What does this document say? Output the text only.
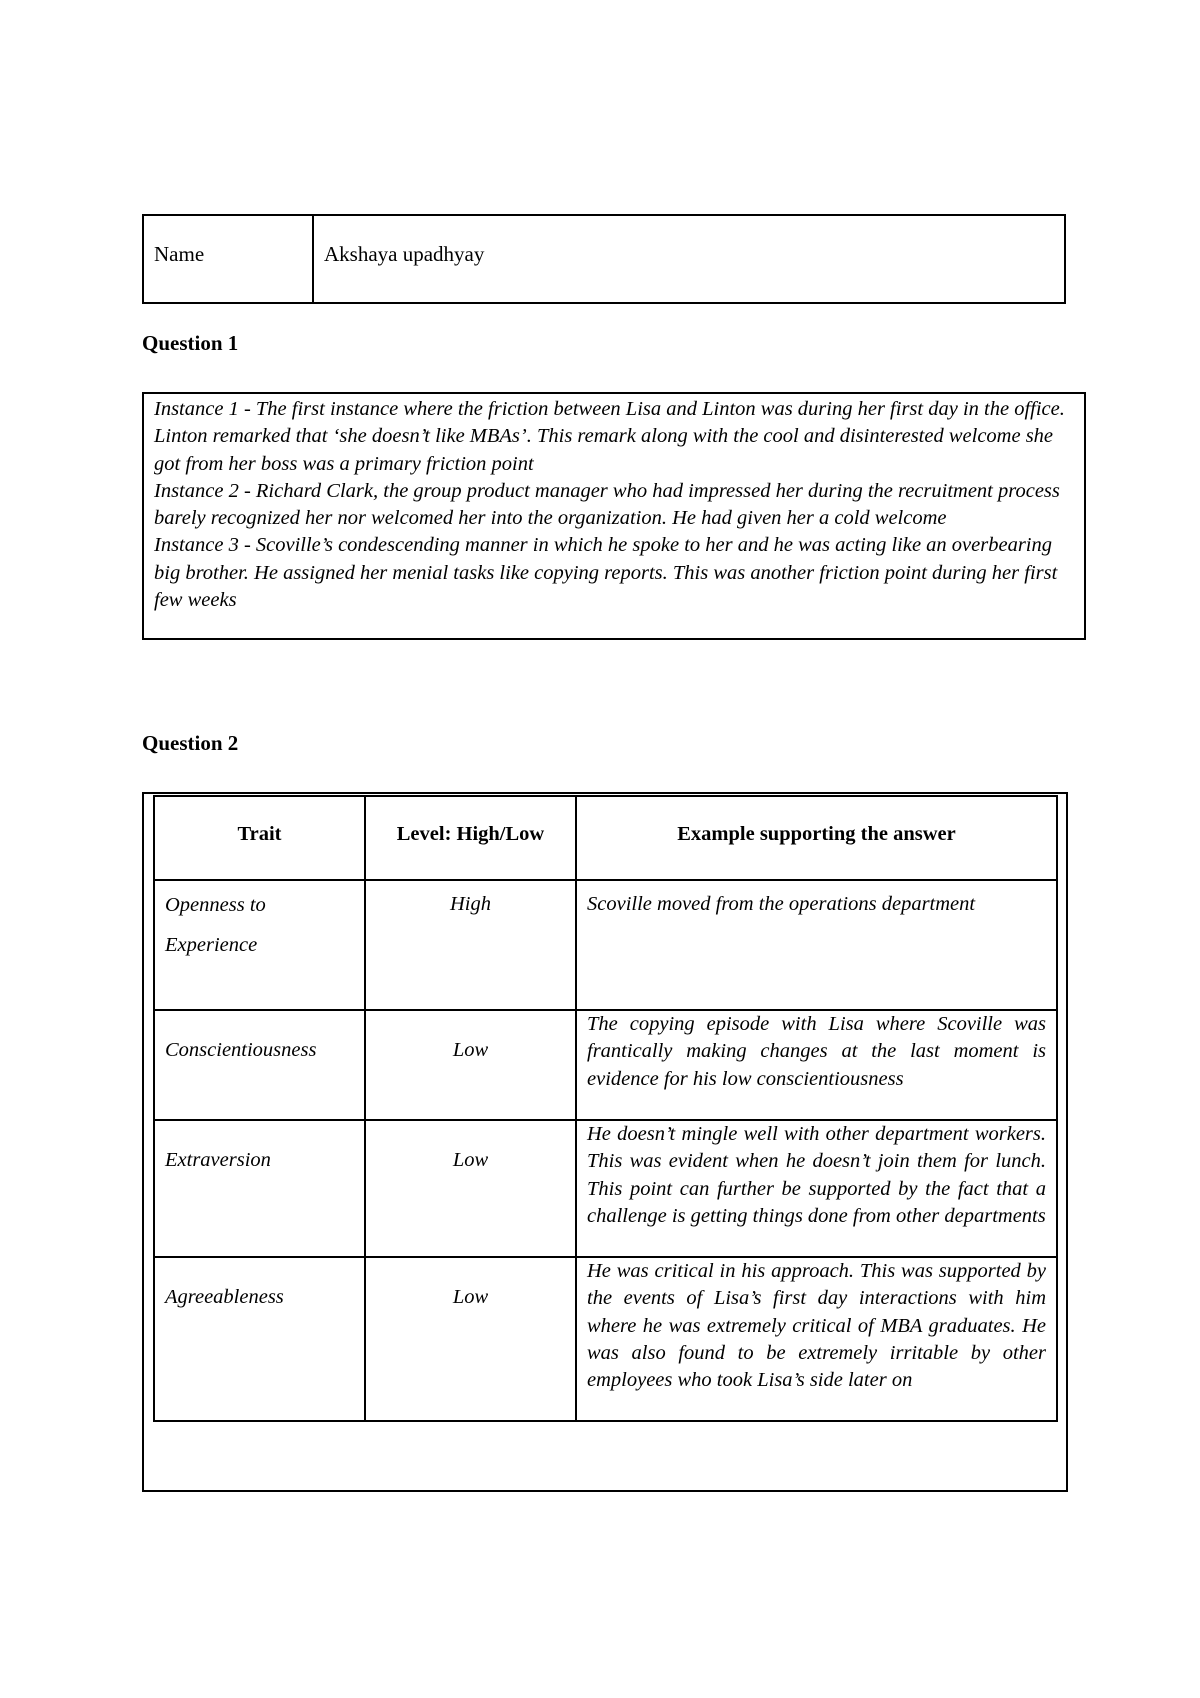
Name	Akshaya upadhyay
Question 1

Instance 1 - The first instance where the friction between Lisa and Linton was during her first day in the office. Linton remarked that ‘she doesn’t like MBAs’. This remark along with the cool and disinterested welcome she got from her boss was a primary friction point

Instance 2 - Richard Clark, the group product manager who had impressed her during the recruitment process barely recognized her nor welcomed her into the organization. He had given her a cold welcome

Instance 3 - Scoville’s condescending manner in which he spoke to her and he was acting like an overbearing big brother. He assigned her menial tasks like copying reports. This was another friction point during her first few weeks

Question 2
Trait	Level: High/Low	Example supporting the answer
Openness to Experience	High	Scoville moved from the operations department
Conscientiousness	Low	The copying episode with Lisa where Scoville was frantically making changes at the last moment is evidence for his low conscientiousness
Extraversion	Low	He doesn’t mingle well with other department workers. This was evident when he doesn’t join them for lunch. This point can further be supported by the fact that a challenge is getting things done from other departments
Agreeableness	Low	He was critical in his approach. This was supported by the events of Lisa’s first day interactions with him where he was extremely critical of MBA graduates. He was also found to be extremely irritable by other employees who took Lisa’s side later on
